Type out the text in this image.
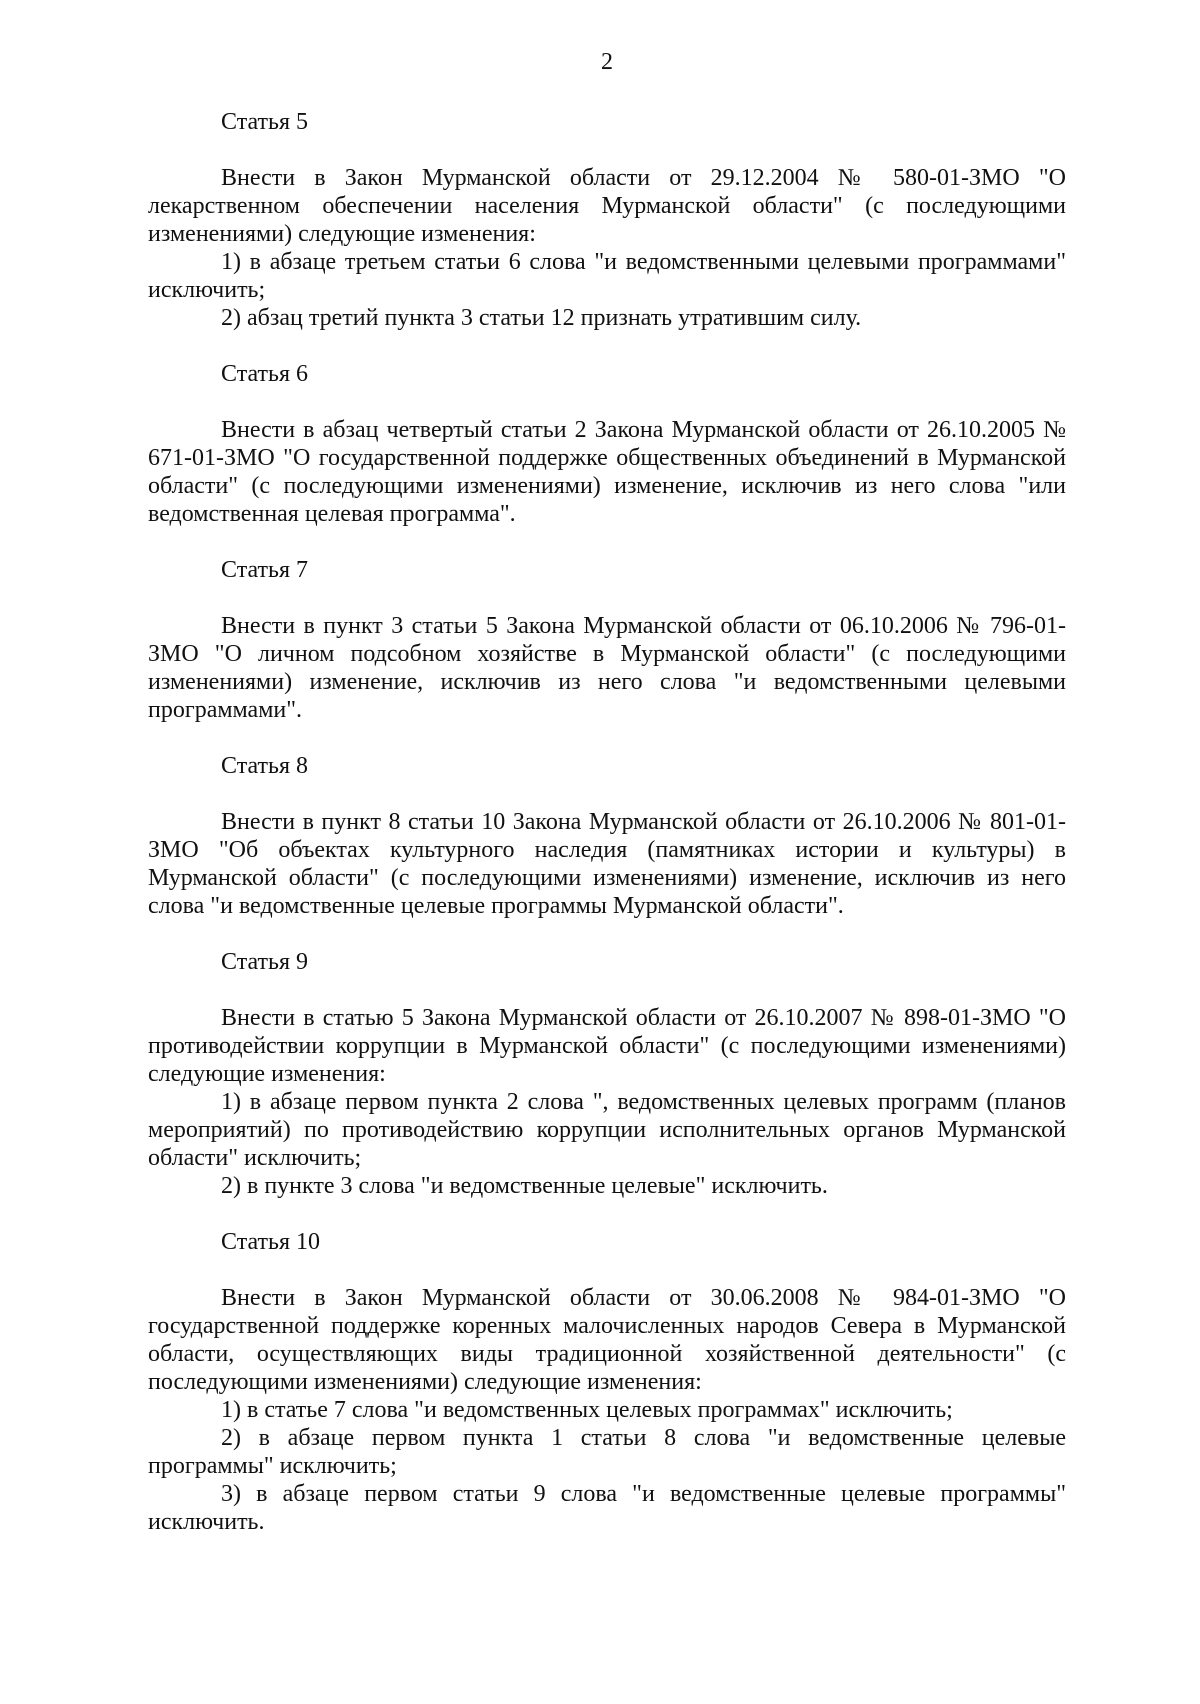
2

Статья 5

Внести в Закон Мурманской области от 29.12.2004 № 580-01-ЗМО "О лекарственном обеспечении населения Мурманской области" (с последующими изменениями) следующие изменения:

1) в абзаце третьем статьи 6 слова "и ведомственными целевыми программами" исключить;

2) абзац третий пункта 3 статьи 12 признать утратившим силу.

Статья 6

Внести в абзац четвертый статьи 2 Закона Мурманской области от 26.10.2005 № 671-01-ЗМО "О государственной поддержке общественных объединений в Мурманской области" (с последующими изменениями) изменение, исключив из него слова "или ведомственная целевая программа".

Статья 7

Внести в пункт 3 статьи 5 Закона Мурманской области от 06.10.2006 № 796-01-ЗМО "О личном подсобном хозяйстве в Мурманской области" (с последующими изменениями) изменение, исключив из него слова "и ведомственными целевыми программами".

Статья 8

Внести в пункт 8 статьи 10 Закона Мурманской области от 26.10.2006 № 801-01-ЗМО "Об объектах культурного наследия (памятниках истории и культуры) в Мурманской области" (с последующими изменениями) изменение, исключив из него слова "и ведомственные целевые программы Мурманской области".

Статья 9

Внести в статью 5 Закона Мурманской области от 26.10.2007 № 898-01-ЗМО "О противодействии коррупции в Мурманской области" (с последующими изменениями) следующие изменения:

1) в абзаце первом пункта 2 слова ", ведомственных целевых программ (планов мероприятий) по противодействию коррупции исполнительных органов Мурманской области" исключить;

2) в пункте 3 слова "и ведомственные целевые" исключить.

Статья 10

Внести в Закон Мурманской области от 30.06.2008 № 984-01-ЗМО "О государственной поддержке коренных малочисленных народов Севера в Мурманской области, осуществляющих виды традиционной хозяйственной деятельности" (с последующими изменениями) следующие изменения:

1) в статье 7 слова "и ведомственных целевых программах" исключить;

2) в абзаце первом пункта 1 статьи 8 слова "и ведомственные целевые программы" исключить;

3) в абзаце первом статьи 9 слова "и ведомственные целевые программы" исключить.
